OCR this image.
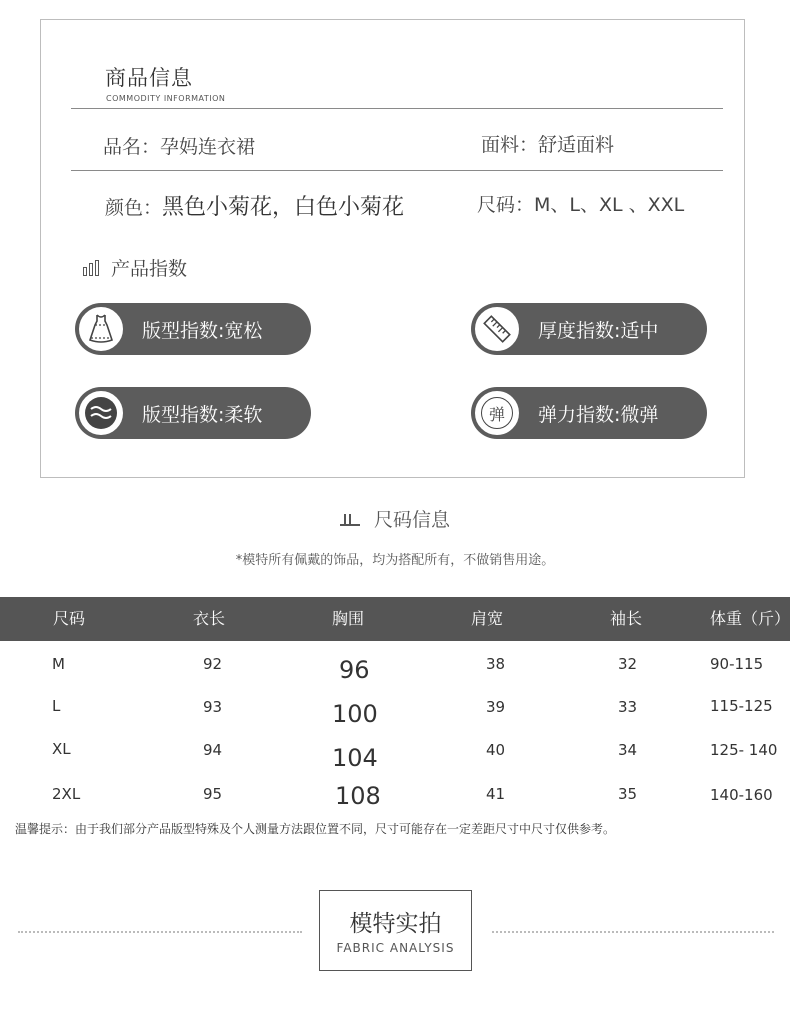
商品信息
COMMODITY INFORMATION
品名：孕妈连衣裙	面料：舒适面料
颜色：黑色小菊花，白色小菊花	尺码：M、L、XL 、XXL
产品指数
版型指数:宽松	厚度指数:适中
版型指数:柔软	弹	弹力指数:微弹
尺码信息
*模特所有佩戴的饰品，均为搭配所有，不做销售用途。
尺码	衣长	胸围	肩宽	袖长	体重（斤）
M	92	96	38	32	90-115
L	93	100	39	33	115-125
XL	94	104	40	34	125- 140
2XL	95	108	41	35	140-160
温馨提示：由于我们部分产品版型特殊及个人测量方法跟位置不同，尺寸可能存在一定差距尺寸中尺寸仅供参考。
模特实拍
FABRIC ANALYSIS
